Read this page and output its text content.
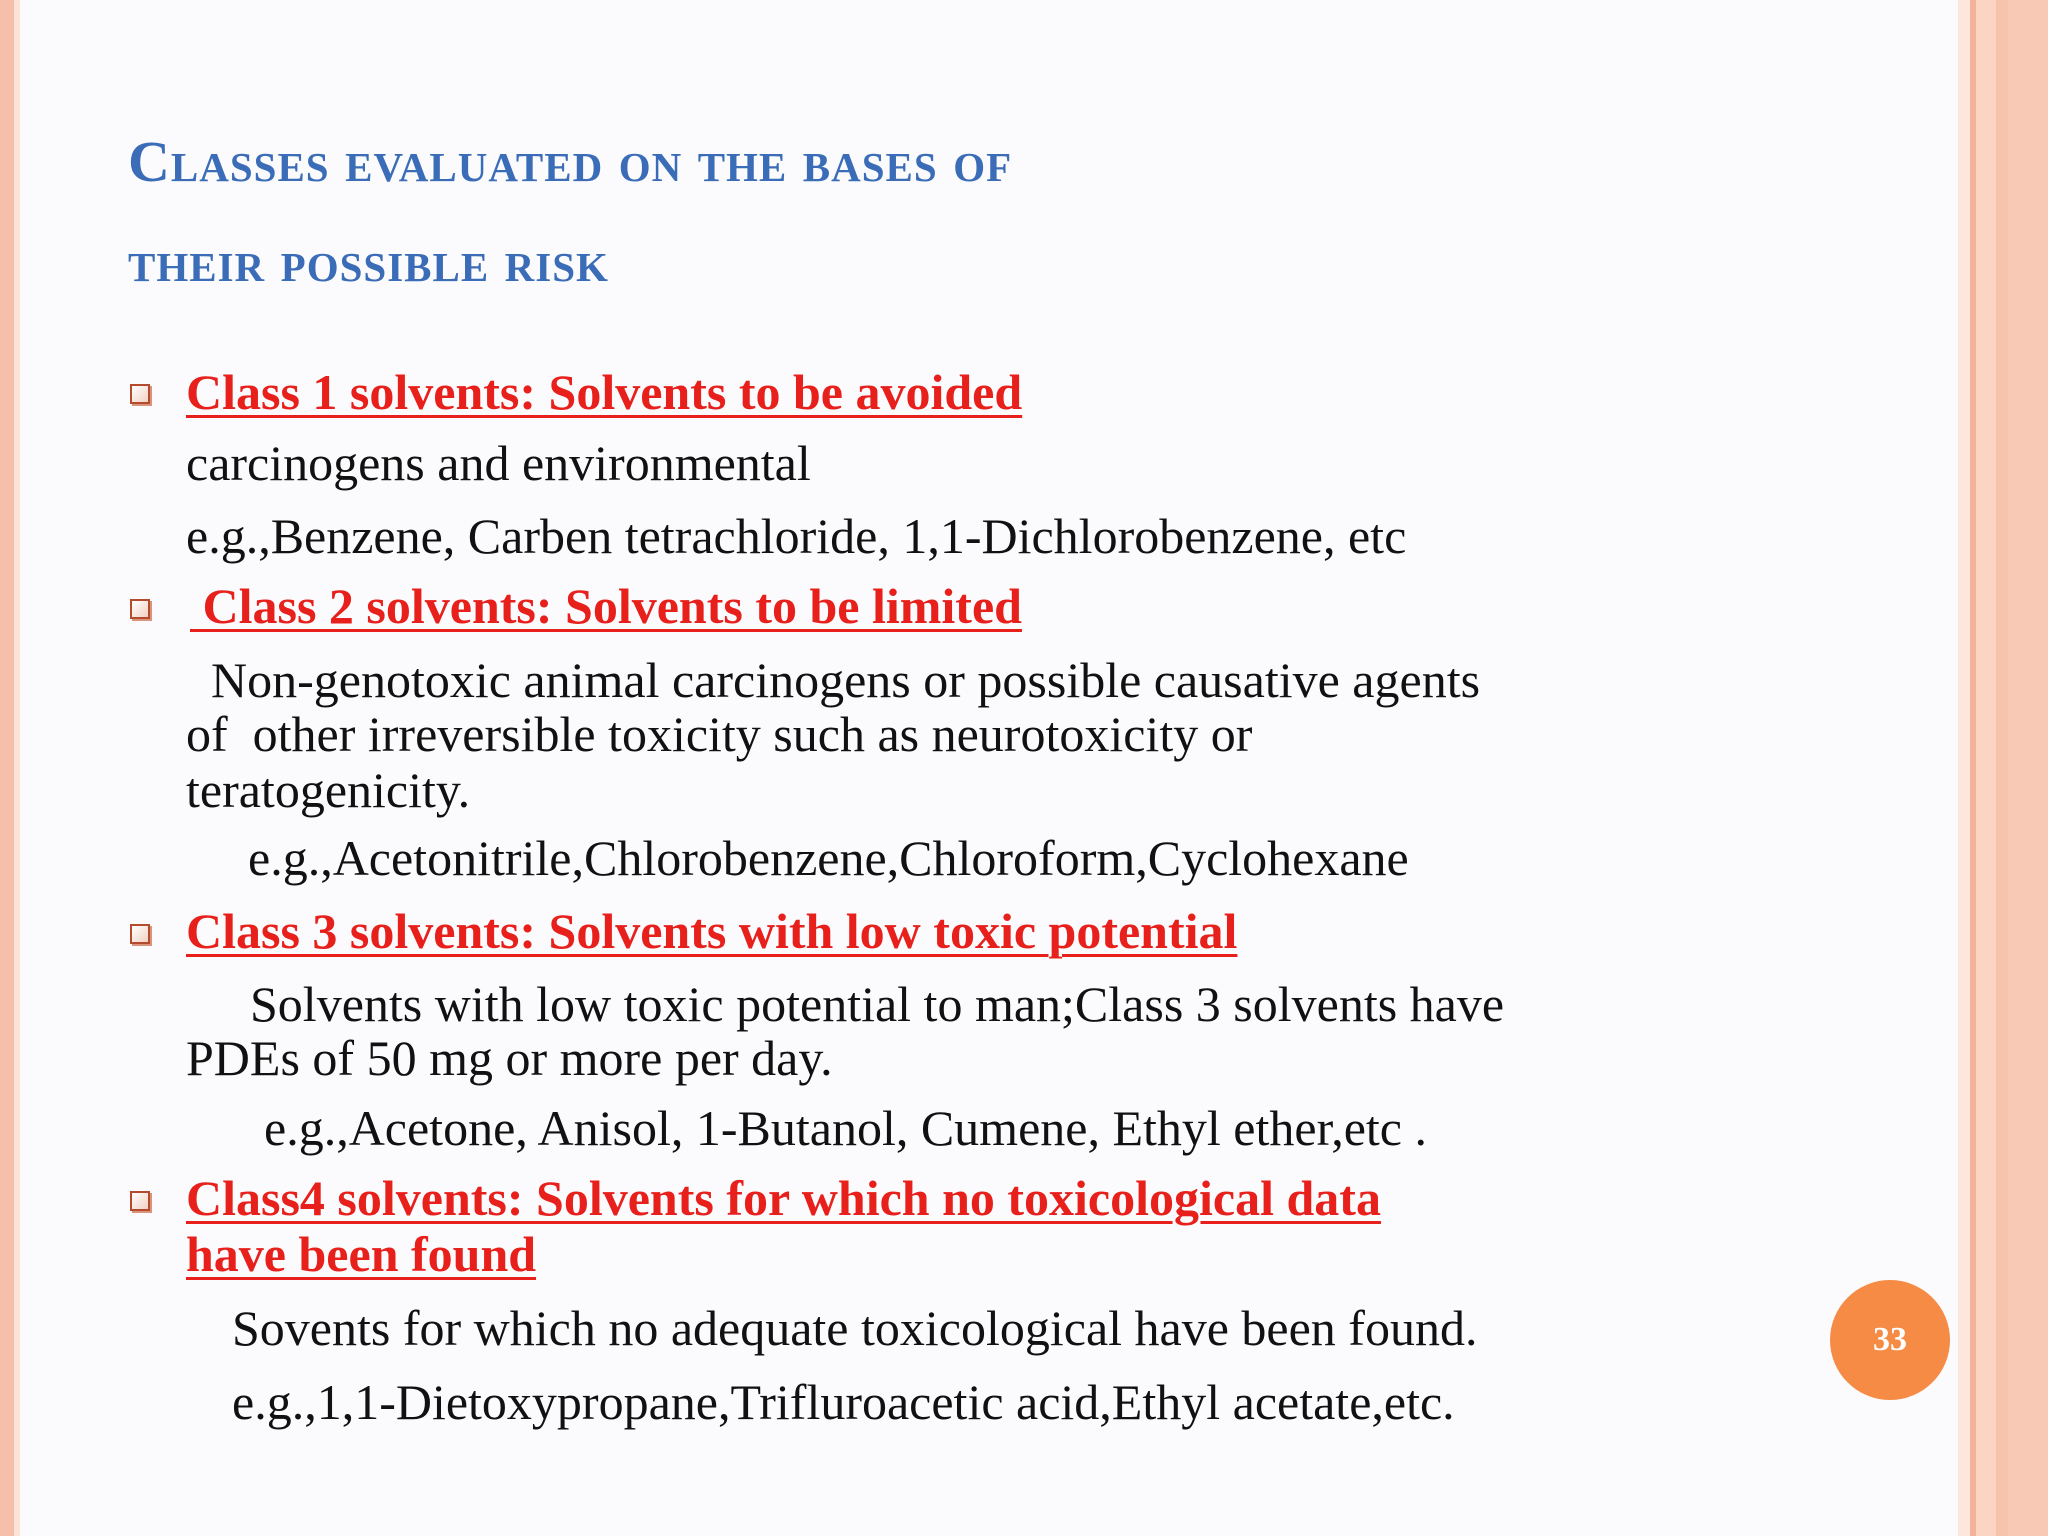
Classes evaluated on the bases of
their possible risk
Class 1 solvents: Solvents to be avoided
carcinogens and environmental
e.g.,Benzene, Carben tetrachloride, 1,1-Dichlorobenzene, etc
Class 2 solvents: Solvents to be limited
Non-genotoxic animal carcinogens or possible causative agents
of  other irreversible toxicity such as neurotoxicity or
teratogenicity.
e.g.,Acetonitrile,Chlorobenzene,Chloroform,Cyclohexane
Class 3 solvents: Solvents with low toxic potential
Solvents with low toxic potential to man;Class 3 solvents have
PDEs of 50 mg or more per day.
e.g.,Acetone, Anisol, 1-Butanol, Cumene, Ethyl ether,etc .
Class4 solvents: Solvents for which no toxicological data
have been found
Sovents for which no adequate toxicological have been found.
e.g.,1,1-Dietoxypropane,Trifluroacetic acid,Ethyl acetate,etc.
33
